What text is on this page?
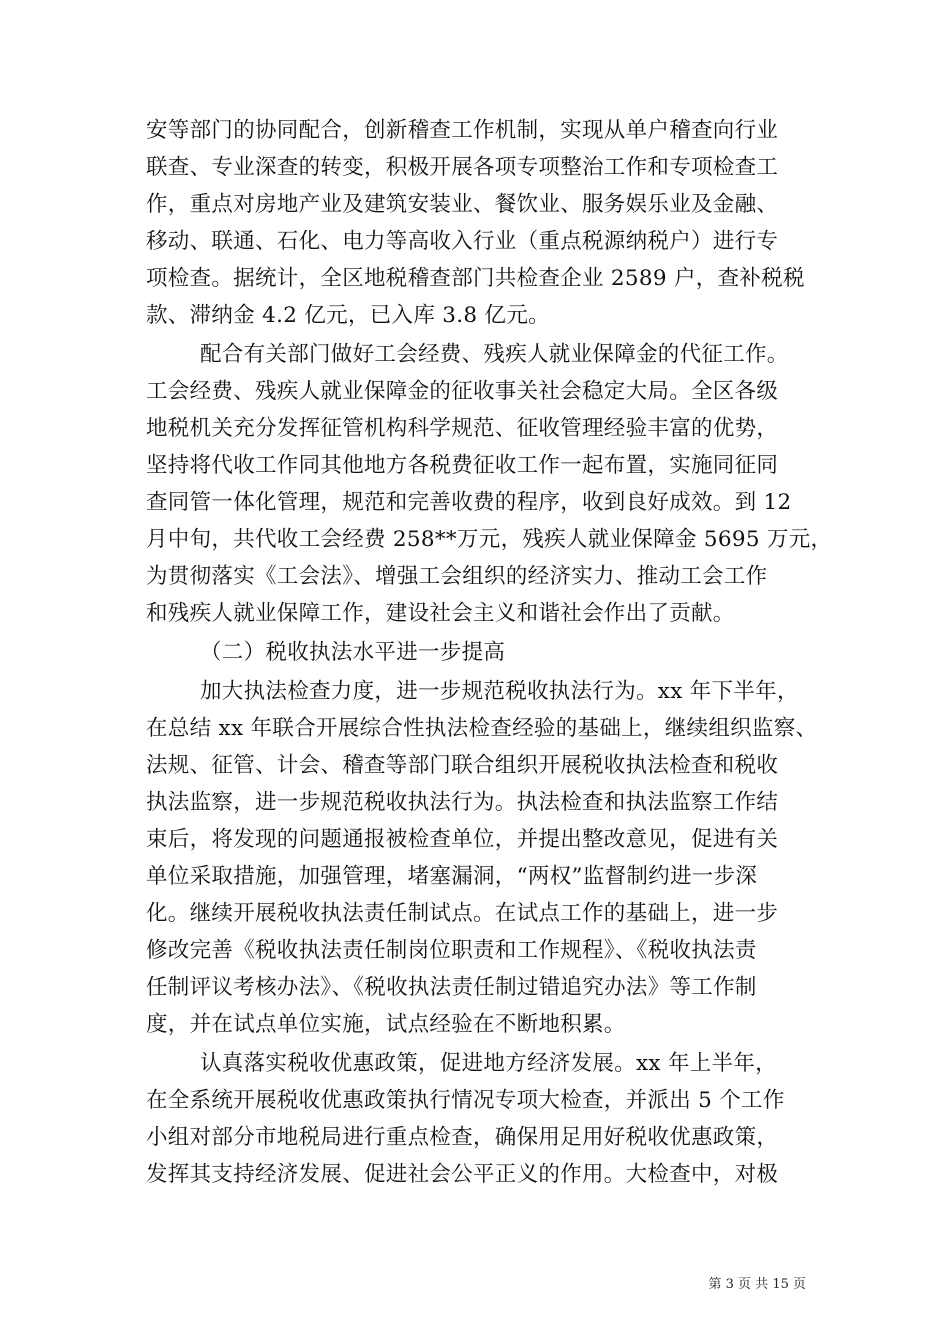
安等部门的协同配合，创新稽查工作机制，实现从单户稽查向行业
联查、专业深查的转变，积极开展各项专项整治工作和专项检查工
作，重点对房地产业及建筑安装业、餐饮业、服务娱乐业及金融、
移动、联通、石化、电力等高收入行业（重点税源纳税户）进行专
项检查。据统计，全区地税稽查部门共检查企业 2589 户，查补税税
款、滞纳金 4.2 亿元，已入库 3.8 亿元。
配合有关部门做好工会经费、残疾人就业保障金的代征工作。
工会经费、残疾人就业保障金的征收事关社会稳定大局。全区各级
地税机关充分发挥征管机构科学规范、征收管理经验丰富的优势，
坚持将代收工作同其他地方各税费征收工作一起布置，实施同征同
查同管一体化管理，规范和完善收费的程序，收到良好成效。到 12
月中旬，共代收工会经费 258**万元，残疾人就业保障金 5695 万元，
为贯彻落实《工会法》、增强工会组织的经济实力、推动工会工作
和残疾人就业保障工作，建设社会主义和谐社会作出了贡献。
（二）税收执法水平进一步提高
加大执法检查力度，进一步规范税收执法行为。xx 年下半年，
在总结 xx 年联合开展综合性执法检查经验的基础上，继续组织监察、
法规、征管、计会、稽查等部门联合组织开展税收执法检查和税收
执法监察，进一步规范税收执法行为。执法检查和执法监察工作结
束后，将发现的问题通报被检查单位，并提出整改意见，促进有关
单位采取措施，加强管理，堵塞漏洞，“两权”监督制约进一步深
化。继续开展税收执法责任制试点。在试点工作的基础上，进一步
修改完善《税收执法责任制岗位职责和工作规程》、《税收执法责
任制评议考核办法》、《税收执法责任制过错追究办法》等工作制
度，并在试点单位实施，试点经验在不断地积累。
认真落实税收优惠政策，促进地方经济发展。xx 年上半年，
在全系统开展税收优惠政策执行情况专项大检查，并派出 5 个工作
小组对部分市地税局进行重点检查，确保用足用好税收优惠政策，
发挥其支持经济发展、促进社会公平正义的作用。大检查中，对极
第 3 页 共 15 页
